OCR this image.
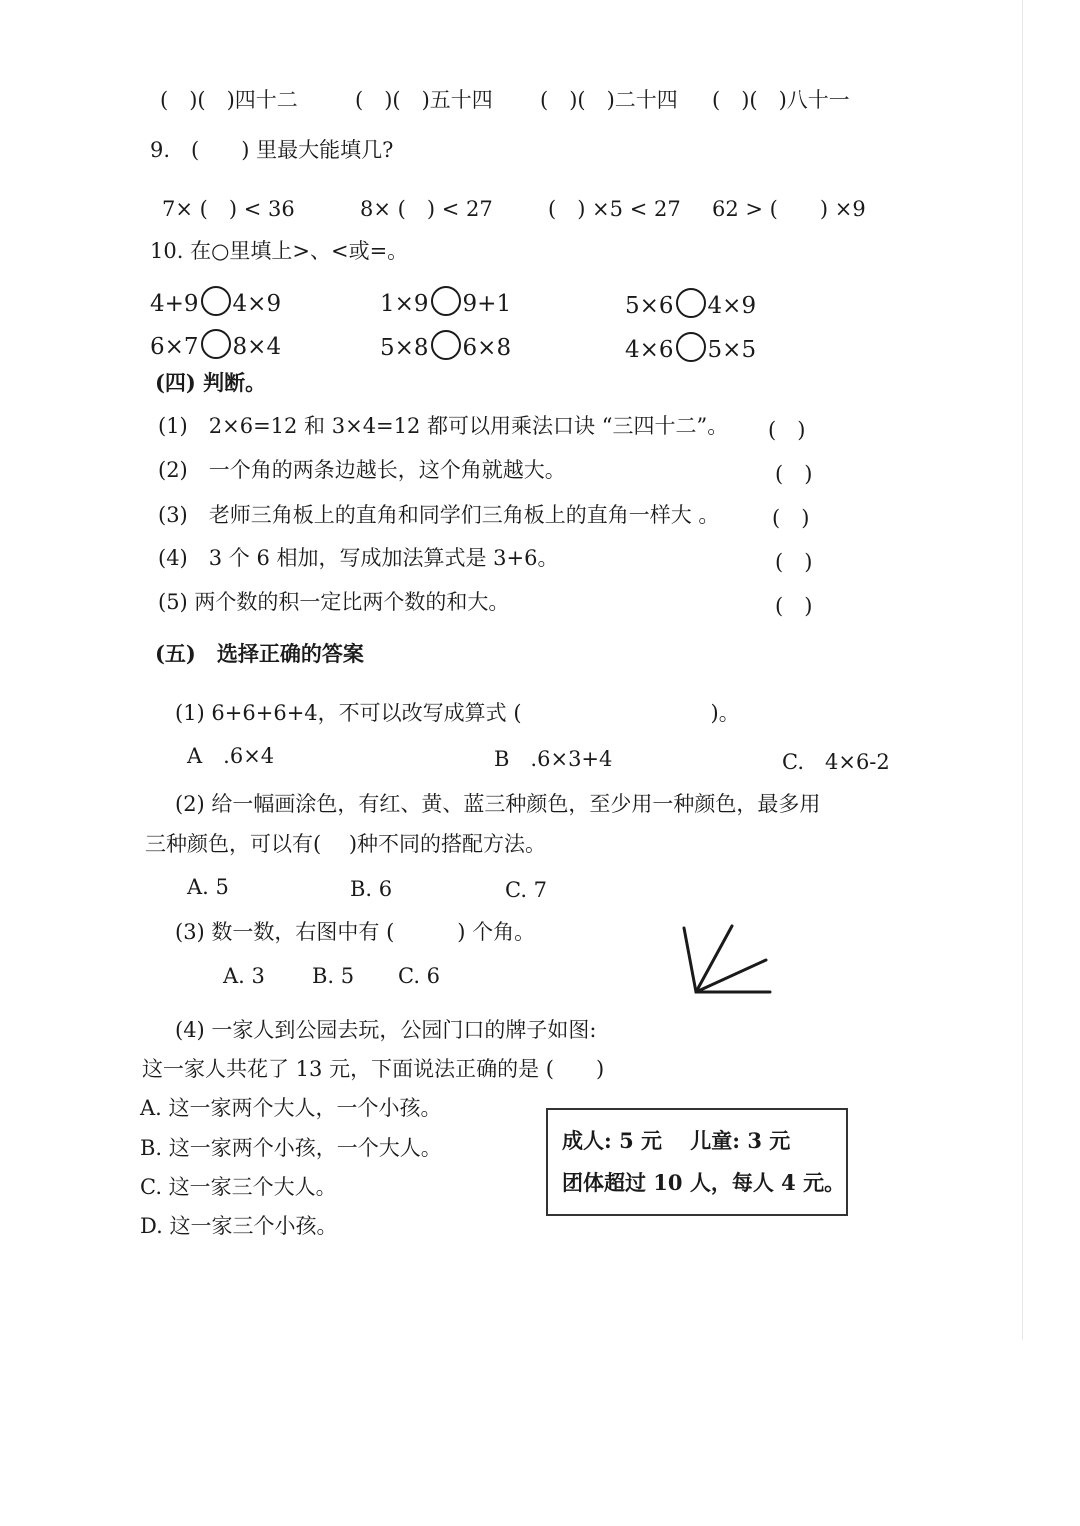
(　)(　)四十二	(　)(　)五十四 (　)(　)二十四 (　)(　)八十一
9.　(　　) 里最大能填几?
7× (　) < 36	8× (　) < 27	(　) ×5 < 27 62 > (　　) ×9
10. 在○里填上>、<或=。
4+9 4×9	1×9 9+1	5×6 4×9
6×7 8×4	5×8 6×8	4×6 5×5
(四) 判断。
(1)　2×6=12 和 3×4=12 都可以用乘法口诀 “三四十二”。 (　)
(2)　一个角的两条边越长，这个角就越大。	(　)
(3)　老师三角板上的直角和同学们三角板上的直角一样大 。	(　)
(4)　3 个 6 相加，写成加法算式是 3+6。	(　)
(5) 两个数的积一定比两个数的和大。	(　)
(五)　选择正确的答案
(1) 6+6+6+4，不可以改写成算式 (　　　　　　　　　)。
A　.6×4	B　.6×3+4	C.　4×6-2
(2) 给一幅画涂色，有红、黄、蓝三种颜色，至少用一种颜色，最多用
三种颜色，可以有(　 )种不同的搭配方法。
A. 5	B. 6	C. 7
(3) 数一数，右图中有 (　　　) 个角。
A. 3 B. 5 C. 6
(4) 一家人到公园去玩，公园门口的牌子如图:
这一家人共花了 13 元，下面说法正确的是 (　　)
A. 这一家两个大人，一个小孩。
B. 这一家两个小孩，一个大人。
C. 这一家三个大人。
D. 这一家三个小孩。
成人: 5 元　 儿童: 3 元
团体超过 10 人，每人 4 元。
